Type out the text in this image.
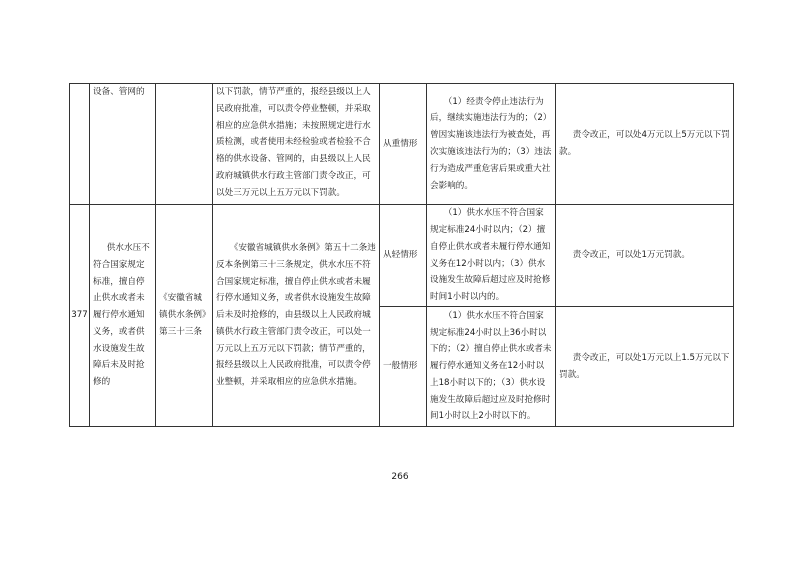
	设备、管网的		以下罚款，情节严重的，报经县级以上人民政府批准，可以责令停业整顿，并采取相应的应急供水措施；未按照规定进行水质检测，或者使用未经检验或者检验不合格的供水设备、管网的，由县级以上人民政府城镇供水行政主管部门责令改正，可以处三万元以上五万元以下罚款。	从重情形	（1）经责令停止违法行为后，继续实施违法行为的；（2）曾因实施该违法行为被查处，再次实施该违法行为的；（3）违法行为造成严重危害后果或重大社会影响的。	责令改正，可以处4万元以上5万元以下罚款。
377	供水水压不符合国家规定标准，擅自停止供水或者未履行停水通知义务，或者供水设施发生故障后未及时抢修的	《安徽省城镇供水条例》第三十三条	《安徽省城镇供水条例》第五十二条违反本条例第三十三条规定，供水水压不符合国家规定标准，擅自停止供水或者未履行停水通知义务，或者供水设施发生故障后未及时抢修的，由县级以上人民政府城镇供水行政主管部门责令改正，可以处一万元以上五万元以下罚款；情节严重的，报经县级以上人民政府批准，可以责令停业整顿，并采取相应的应急供水措施。	从轻情形	（1）供水水压不符合国家规定标准24小时以内；（2）擅自停止供水或者未履行停水通知义务在12小时以内；（3）供水设施发生故障后超过应及时抢修时间1小时以内的。	责令改正，可以处1万元罚款。
				一般情形	（1）供水水压不符合国家规定标准24小时以上36小时以下的；（2）擅自停止供水或者未履行停水通知义务在12小时以上18小时以下的；（3）供水设施发生故障后超过应及时抢修时间1小时以上2小时以下的。	责令改正，可以处1万元以上1.5万元以下罚款。
266
